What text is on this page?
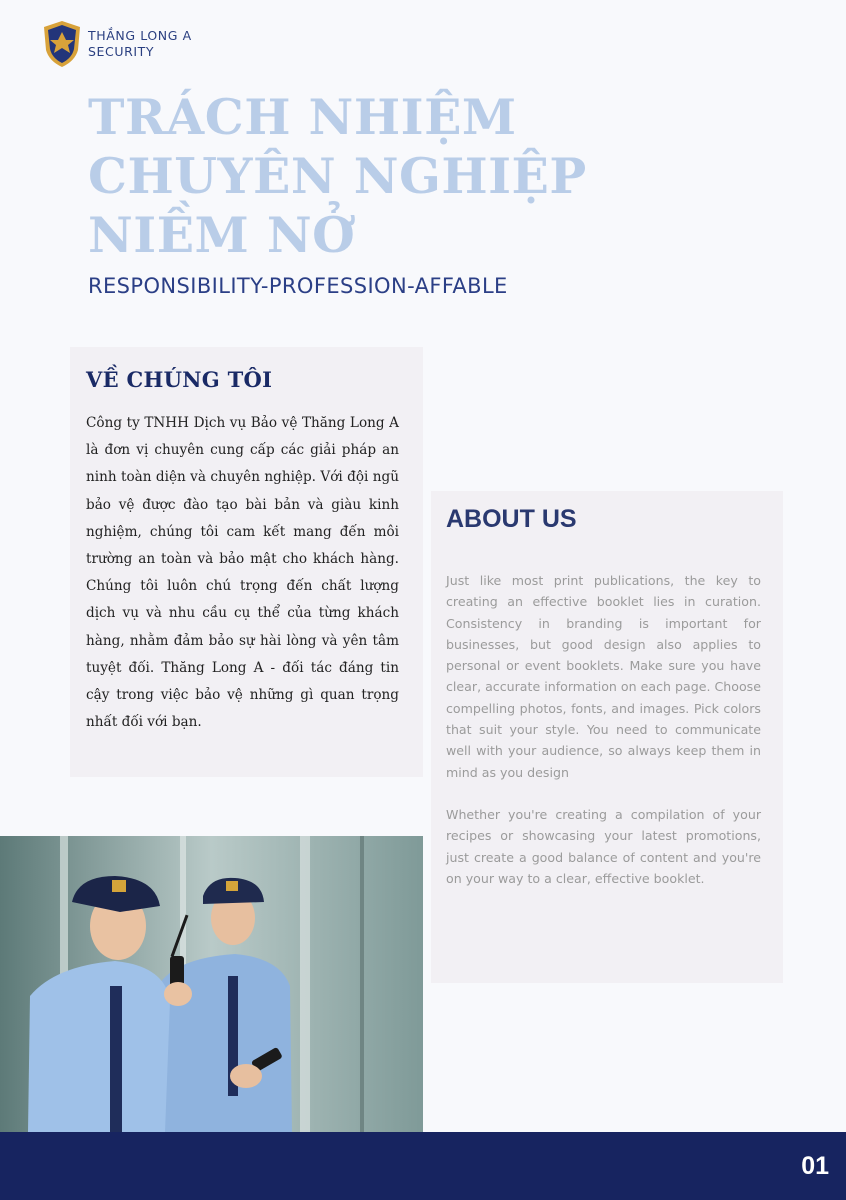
THẮNG LONG A
SECURITY
TRÁCH NHIỆM
CHUYÊN NGHIỆP
NIỀM NỞ
RESPONSIBILITY-PROFESSION-AFFABLE
VỀ CHÚNG TÔI

Công ty TNHH Dịch vụ Bảo vệ Thăng Long A là đơn vị chuyên cung cấp các giải pháp an ninh toàn diện và chuyên nghiệp. Với đội ngũ bảo vệ được đào tạo bài bản và giàu kinh nghiệm, chúng tôi cam kết mang đến môi trường an toàn và bảo mật cho khách hàng. Chúng tôi luôn chú trọng đến chất lượng dịch vụ và nhu cầu cụ thể của từng khách hàng, nhằm đảm bảo sự hài lòng và yên tâm tuyệt đối. Thăng Long A - đối tác đáng tin cậy trong việc bảo vệ những gì quan trọng nhất đối với bạn.

ABOUT US

Just like most print publications, the key to creating an effective booklet lies in curation. Consistency in branding is important for businesses, but good design also applies to personal or event booklets. Make sure you have clear, accurate information on each page. Choose compelling photos, fonts, and images. Pick colors that suit your style. You need to communicate well with your audience, so always keep them in mind as you design

Whether you're creating a compilation of your recipes or showcasing your latest promotions, just create a good balance of content and you're on your way to a clear, effective booklet.

01
